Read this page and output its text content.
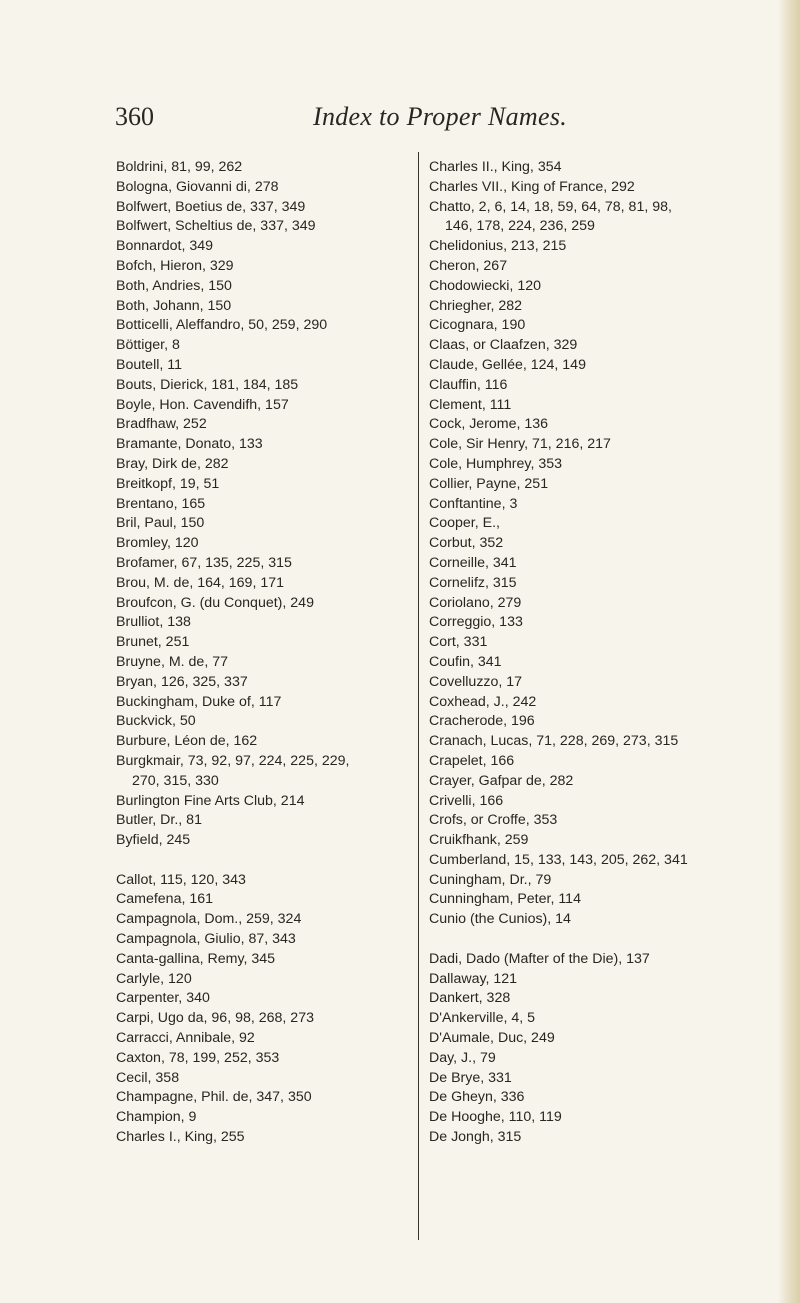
360	Index to Proper Names.
Boldrini, 81, 99, 262
Bologna, Giovanni di, 278
Bolfwert, Boetius de, 337, 349
Bolfwert, Scheltius de, 337, 349
Bonnardot, 349
Bofch, Hieron, 329
Both, Andries, 150
Both, Johann, 150
Botticelli, Aleffandro, 50, 259, 290
Böttiger, 8
Boutell, 11
Bouts, Dierick, 181, 184, 185
Boyle, Hon. Cavendifh, 157
Bradfhaw, 252
Bramante, Donato, 133
Bray, Dirk de, 282
Breitkopf, 19, 51
Brentano, 165
Bril, Paul, 150
Bromley, 120
Brofamer, 67, 135, 225, 315
Brou, M. de, 164, 169, 171
Broufcon, G. (du Conquet), 249
Brulliot, 138
Brunet, 251
Bruyne, M. de, 77
Bryan, 126, 325, 337
Buckingham, Duke of, 117
Buckvick, 50
Burbure, Léon de, 162
Burgkmair, 73, 92, 97, 224, 225, 229,
270, 315, 330
Burlington Fine Arts Club, 214
Butler, Dr., 81
Byfield, 245
Callot, 115, 120, 343
Camefena, 161
Campagnola, Dom., 259, 324
Campagnola, Giulio, 87, 343
Canta-gallina, Remy, 345
Carlyle, 120
Carpenter, 340
Carpi, Ugo da, 96, 98, 268, 273
Carracci, Annibale, 92
Caxton, 78, 199, 252, 353
Cecil, 358
Champagne, Phil. de, 347, 350
Champion, 9
Charles I., King, 255
Charles II., King, 354
Charles VII., King of France, 292
Chatto, 2, 6, 14, 18, 59, 64, 78, 81, 98,
146, 178, 224, 236, 259
Chelidonius, 213, 215
Cheron, 267
Chodowiecki, 120
Chriegher, 282
Cicognara, 190
Claas, or Claafzen, 329
Claude, Gellée, 124, 149
Clauffin, 116
Clement, 111
Cock, Jerome, 136
Cole, Sir Henry, 71, 216, 217
Cole, Humphrey, 353
Collier, Payne, 251
Conftantine, 3
Cooper, E.,
Corbut, 352
Corneille, 341
Cornelifz, 315
Coriolano, 279
Correggio, 133
Cort, 331
Coufin, 341
Covelluzzo, 17
Coxhead, J., 242
Cracherode, 196
Cranach, Lucas, 71, 228, 269, 273, 315
Crapelet, 166
Crayer, Gafpar de, 282
Crivelli, 166
Crofs, or Croffe, 353
Cruikfhank, 259
Cumberland, 15, 133, 143, 205, 262, 341
Cuningham, Dr., 79
Cunningham, Peter, 114
Cunio (the Cunios), 14
Dadi, Dado (Mafter of the Die), 137
Dallaway, 121
Dankert, 328
D'Ankerville, 4, 5
D'Aumale, Duc, 249
Day, J., 79
De Brye, 331
De Gheyn, 336
De Hooghe, 110, 119
De Jongh, 315
